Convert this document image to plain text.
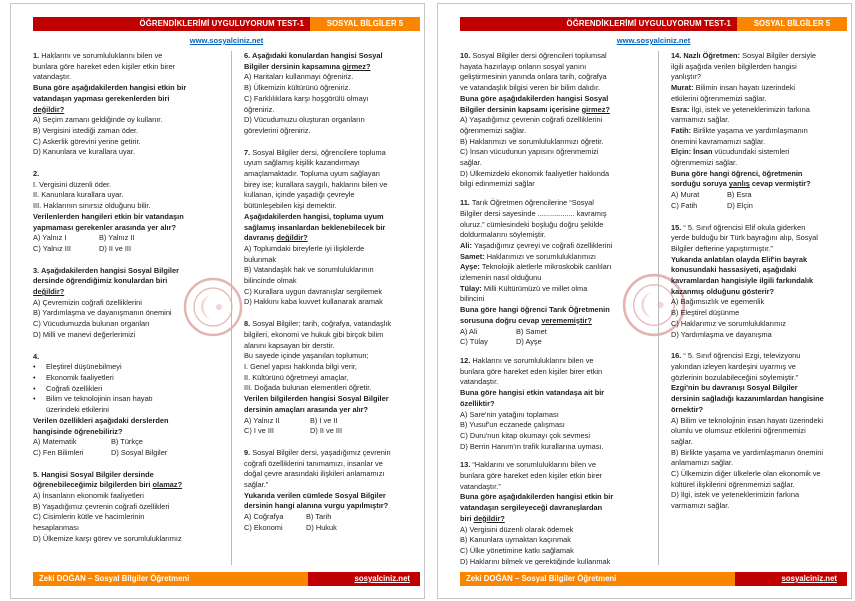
ÖĞRENDİKLERİMİ UYGULUYORUM TEST-1	SOSYAL BİLGİLER 5
www.sosyalciniz.net
1. Haklarını ve sorumluluklarını bilen ve
bunlara göre hareket eden kişiler etkin birer
vatandaştır.
Buna göre aşağıdakilerden hangisi etkin bir
vatandaşın yapması gerekenlerden biri
değildir?
A) Seçim zamanı geldiğinde oy kullanır.
B) Vergisini istediği zaman öder.
C) Askerlik görevini yerine getirir.
D) Kanunlara ve kurallara uyar.
2.
I. Vergisini düzenli öder.
II. Kanunlara kurallara uyar.
III. Haklarının sınırsız olduğunu bilir.
Verilenlerden hangileri etkin bir vatandaşın
yapmaması gerekenler arasında yer alır?
A) Yalnız I	B) Yalnız II
C) Yalnız III	D) II ve III
3. Aşağıdakilerden hangisi Sosyal Bilgiler
dersinde öğrendiğimiz konulardan biri
değildir?
A) Çevremizin coğrafi özelliklerini
B) Yardımlaşma ve dayanışmanın önemini
C) Vücudumuzda bulunan organları
D) Milli ve manevi değerlerimizi
4.
• Eleştirel düşünebilmeyi
• Ekonomik faaliyetleri
• Coğrafi özellikleri
• Bilim ve teknolojinin insan hayatı
üzerindeki etkilerini
Verilen özellikleri aşağıdaki derslerden
hangisinde öğrenebiliriz?
A) Matematik	B) Türkçe
C) Fen Bilimleri	D) Sosyal Bilgiler
5. Hangisi Sosyal Bilgiler dersinde
öğrenebileceğimiz bilgilerden biri olamaz?
A) İnsanların ekonomik faaliyetleri
B) Yaşadığımız çevrenin coğrafi özellikleri
C) Cisimlerin kütle ve hacimlerinin
hesaplanması
D) Ülkemize karşı görev ve sorumluluklarımız
6. Aşağıdaki konulardan hangisi Sosyal
Bilgiler dersinin kapsamına girmez?
A) Haritaları kullanmayı öğreniriz.
B) Ülkemizin kültürünü öğreniriz.
C) Farklılıklara karşı hoşgörülü olmayı
öğreniriz.
D) Vücudumuzu oluşturan organların
görevlerini öğreniriz.
7. Sosyal Bilgiler dersi, öğrencilere topluma
uyum sağlamış kişilik kazandırmayı
amaçlamaktadır. Topluma uyum sağlayan
birey ise; kurallara saygılı, haklarını bilen ve
kullanan, içinde yaşadığı çevreyle
bütünleşebilen kişi demektir.
Aşağıdakilerden hangisi, topluma uyum
sağlamış insanlardan beklenebilecek bir
davranış değildir?
A) Toplumdaki bireylerle iyi ilişkilerde
bulunmak
B) Vatandaşlık hak ve sorumluluklarının
bilincinde olmak
C) Kurallara uygun davranışlar sergilemek
D) Hakkını kaba kuvvet kullanarak aramak
8. Sosyal Bilgiler; tarih, coğrafya, vatandaşlık
bilgileri, ekonomi ve hukuk gibi birçok bilim
alanını kapsayan bir derstir.
Bu sayede içinde yaşanılan toplumun;
I. Genel yapısı hakkında bilgi verir,
II. Kültürünü öğretmeyi amaçlar,
III. Doğada bulunan elementleri öğretir.
Verilen bilgilerden hangisi Sosyal Bilgiler
dersinin amaçları arasında yer alır?
A) Yalnız II	B) I ve II
C) I ve III	D) II ve III
9. Sosyal Bilgiler dersi, yaşadığımız çevrenin
coğrafi özelliklerini tanımamızı, insanlar ve
doğal çevre arasındaki ilişkileri anlamamızı
sağlar.”
Yukarıda verilen cümlede Sosyal Bilgiler
dersinin hangi alanına vurgu yapılmıştır?
A) Coğrafya	B) Tarih
C) Ekonomi	D) Hukuk
Zeki DOĞAN – Sosyal Bilgiler Öğretmeni	sosyalciniz.net
ÖĞRENDİKLERİMİ UYGULUYORUM TEST-1	SOSYAL BİLGİLER 5
www.sosyalciniz.net
10. Sosyal Bilgiler dersi öğrencileri toplumsal
hayata hazırlayıp onların sosyal yanını
geliştirmesinin yanında onlara tarih, coğrafya
ve vatandaşlık bilgisi veren bir bilim dalıdır.
Buna göre aşağıdakilerden hangisi Sosyal
Bilgiler dersinin kapsamı içerisine girmez?
A) Yaşadığımız çevrenin coğrafi özelliklerini
öğrenmemizi sağlar.
B) Haklarımızı ve sorumluluklarımızı öğretir.
C) İnsan vücudunun yapısını öğrenmemizi
sağlar.
D) Ülkemizdeki ekonomik faaliyetler hakkında
bilgi edinmemizi sağlar
11. Tarık Öğretmen öğrencilerine “Sosyal
Bilgiler dersi sayesinde .................. kavramış
oluruz.” cümlesindeki boşluğu doğru şekilde
doldurmalarını söylemiştir.
Ali: Yaşadığımız çevreyi ve coğrafi özelliklerini
Samet: Haklarımızı ve sorumluluklarımızı
Ayşe: Teknolojik aletlerle mikroskobik canlıları
izlemenin nasıl olduğunu
Tülay: Milli Kültürümüzü ve millet olma
bilincini
Buna göre hangi öğrenci Tarık Öğretmenin
sorusuna doğru cevap verememiştir?
A) Ali	B) Samet
C) Tülay	D) Ayşe
12. Haklarını ve sorumluluklarını bilen ve
bunlara göre hareket eden kişiler birer etkin
vatandaştır.
Buna göre hangisi etkin vatandaşa ait bir
özelliktir?
A) Sare'nin yatağını toplaması
B) Yusuf'un eczanede çalışması
C) Duru'nun kitap okumayı çok sevmesi
D) Berrin Hanım'ın trafik kurallarına uyması.
13. “Haklarını ve sorumluluklarını bilen ve
bunlara göre hareket eden kişiler etkin birer
vatandaştır.”
Buna göre aşağıdakilerden hangisi etkin bir
vatandaşın sergileyeceği davranışlardan
biri değildir?
A) Vergisini düzenli olarak ödemek
B) Kanunlara uymaktan kaçınmak
C) Ülke yönetimine katkı sağlamak
D) Haklarını bilmek ve gerektiğinde kullanmak
14. Nazlı Öğretmen: Sosyal Bilgiler dersiyle
ilgili aşağıda verilen bilgilerden hangisi
yanlıştır?
Murat: Bilimin insan hayatı üzerindeki
etkilerini öğrenmemizi sağlar.
Esra: İlgi, istek ve yeteneklerimizin farkına
varmamızı sağlar.
Fatih: Birlikte yaşama ve yardımlaşmanın
önemini kavramamızı sağlar.
Elçin: İnsan vücudundaki sistemleri
öğrenmemizi sağlar.
Buna göre hangi öğrenci, öğretmenin
sorduğu soruya yanlış cevap vermiştir?
A) Murat	B) Esra
C) Fatih	D) Elçin
15. “ 5. Sınıf öğrencisi Elif okula giderken
yerde bulduğu bir Türk bayrağını alıp, Sosyal
Bilgiler defterine yapıştırmıştır.”
Yukarıda anlatılan olayda Elif'in bayrak
konusundaki hassasiyeti, aşağıdaki
kavramlardan hangisiyle ilgili farkındalık
kazanmış olduğunu gösterir?
A) Bağımsızlık ve egemenlik
B) Eleştirel düşünme
C) Haklarımız ve sorumluluklarımız
D) Yardımlaşma ve dayanışma
16. “ 5. Sınıf öğrencisi Ezgi, televizyonu
yakından izleyen kardeşini uyarmış ve
gözlerinin bozulabileceğini söylemiştir.”
Ezgi'nin bu davranışı Sosyal Bilgiler
dersinin sağladığı kazanımlardan hangisine
örnektir?
A) Bilim ve teknolojinin insan hayatı üzerindeki
olumlu ve olumsuz etkilerini öğrenmemizi
sağlar.
B) Birlikte yaşama ve yardımlaşmanın önemini
anlamamızı sağlar.
C) Ülkemizin diğer ülkelerle olan ekonomik ve
kültürel ilişkilerini öğrenmemizi sağlar.
D) İlgi, istek ve yeteneklerimizin farkına
varmamızı sağlar.
Zeki DOĞAN – Sosyal Bilgiler Öğretmeni	sosyalciniz.net
